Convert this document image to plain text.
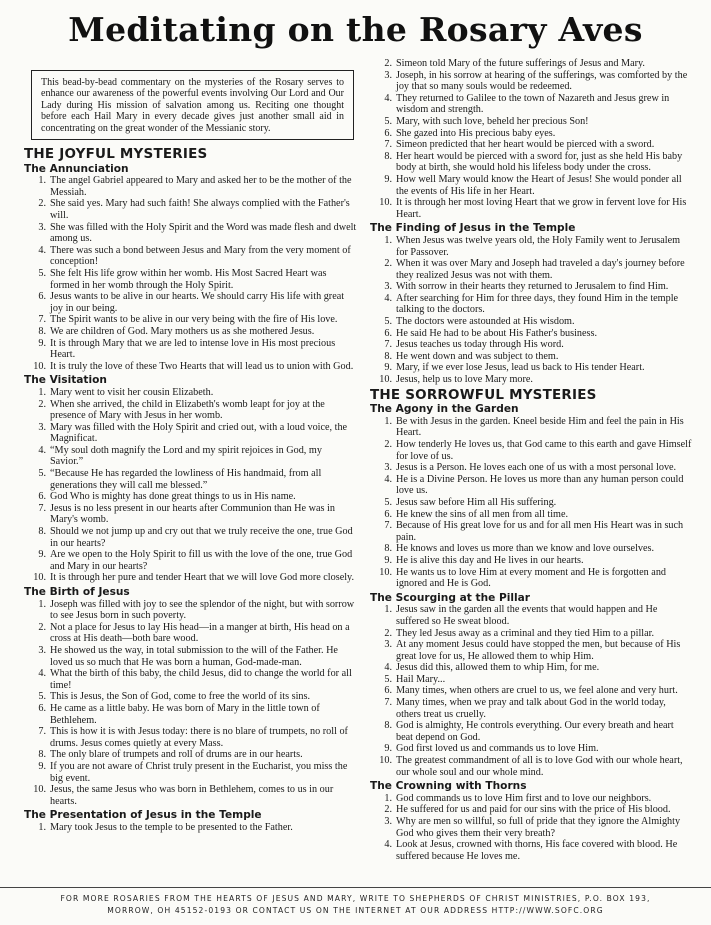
Meditating on the Rosary Aves
This bead-by-bead commentary on the mysteries of the Rosary serves to enhance our awareness of the powerful events involving Our Lord and Our Lady during His mission of salvation among us. Reciting one thought before each Hail Mary in every decade gives just another small aid in concentrating on the great wonder of the Messianic story.
THE JOYFUL MYSTERIES
The Annunciation
1. The angel Gabriel appeared to Mary and asked her to be the mother of the Messiah.
2. She said yes. Mary had such faith! She always complied with the Father's will.
3. She was filled with the Holy Spirit and the Word was made flesh and dwelt among us.
4. There was such a bond between Jesus and Mary from the very moment of conception!
5. She felt His life grow within her womb. His Most Sacred Heart was formed in her womb through the Holy Spirit.
6. Jesus wants to be alive in our hearts. We should carry His life with great joy in our being.
7. The Spirit wants to be alive in our very being with the fire of His love.
8. We are children of God. Mary mothers us as she mothered Jesus.
9. It is through Mary that we are led to intense love in His most precious Heart.
10. It is truly the love of these Two Hearts that will lead us to union with God.
The Visitation
1. Mary went to visit her cousin Elizabeth.
2. When she arrived, the child in Elizabeth's womb leapt for joy at the presence of Mary with Jesus in her womb.
3. Mary was filled with the Holy Spirit and cried out, with a loud voice, the Magnificat.
4. “My soul doth magnify the Lord and my spirit rejoices in God, my Savior.”
5. “Because He has regarded the lowliness of His handmaid, from all generations they will call me blessed.”
6. God Who is mighty has done great things to us in His name.
7. Jesus is no less present in our hearts after Communion than He was in Mary's womb.
8. Should we not jump up and cry out that we truly receive the one, true God in our hearts?
9. Are we open to the Holy Spirit to fill us with the love of the one, true God and Mary in our hearts?
10. It is through her pure and tender Heart that we will love God more closely.
The Birth of Jesus
1. Joseph was filled with joy to see the splendor of the night, but with sorrow to see Jesus born in such poverty.
2. Not a place for Jesus to lay His head—in a manger at birth, His head on a cross at His death—both bare wood.
3. He showed us the way, in total submission to the will of the Father. He loved us so much that He was born a human, God-made-man.
4. What the birth of this baby, the child Jesus, did to change the world for all time!
5. This is Jesus, the Son of God, come to free the world of its sins.
6. He came as a little baby. He was born of Mary in the little town of Bethlehem.
7. This is how it is with Jesus today: there is no blare of trumpets, no roll of drums. Jesus comes quietly at every Mass.
8. The only blare of trumpets and roll of drums are in our hearts.
9. If you are not aware of Christ truly present in the Eucharist, you miss the big event.
10. Jesus, the same Jesus who was born in Bethlehem, comes to us in our hearts.
The Presentation of Jesus in the Temple
1. Mary took Jesus to the temple to be presented to the Father.
2. Simeon told Mary of the future sufferings of Jesus and Mary.
3. Joseph, in his sorrow at hearing of the sufferings, was comforted by the joy that so many souls would be redeemed.
4. They returned to Galilee to the town of Nazareth and Jesus grew in wisdom and strength.
5. Mary, with such love, beheld her precious Son!
6. She gazed into His precious baby eyes.
7. Simeon predicted that her heart would be pierced with a sword.
8. Her heart would be pierced with a sword for, just as she held His baby body at birth, she would hold his lifeless body under the cross.
9. How well Mary would know the Heart of Jesus! She would ponder all the events of His life in her Heart.
10. It is through her most loving Heart that we grow in fervent love for His Heart.
The Finding of Jesus in the Temple
1. When Jesus was twelve years old, the Holy Family went to Jerusalem for Passover.
2. When it was over Mary and Joseph had traveled a day's journey before they realized Jesus was not with them.
3. With sorrow in their hearts they returned to Jerusalem to find Him.
4. After searching for Him for three days, they found Him in the temple talking to the doctors.
5. The doctors were astounded at His wisdom.
6. He said He had to be about His Father's business.
7. Jesus teaches us today through His word.
8. He went down and was subject to them.
9. Mary, if we ever lose Jesus, lead us back to His tender Heart.
10. Jesus, help us to love Mary more.
THE SORROWFUL MYSTERIES
The Agony in the Garden
1. Be with Jesus in the garden. Kneel beside Him and feel the pain in His Heart.
2. How tenderly He loves us, that God came to this earth and gave Himself for love of us.
3. Jesus is a Person. He loves each one of us with a most personal love.
4. He is a Divine Person. He loves us more than any human person could love us.
5. Jesus saw before Him all His suffering.
6. He knew the sins of all men from all time.
7. Because of His great love for us and for all men His Heart was in such pain.
8. He knows and loves us more than we know and love ourselves.
9. He is alive this day and He lives in our hearts.
10. He wants us to love Him at every moment and He is forgotten and ignored and He is God.
The Scourging at the Pillar
1. Jesus saw in the garden all the events that would happen and He suffered so He sweat blood.
2. They led Jesus away as a criminal and they tied Him to a pillar.
3. At any moment Jesus could have stopped the men, but because of His great love for us, He allowed them to whip Him.
4. Jesus did this, allowed them to whip Him, for me.
5. Hail Mary...
6. Many times, when others are cruel to us, we feel alone and very hurt.
7. Many times, when we pray and talk about God in the world today, others treat us cruelly.
8. God is almighty, He controls everything. Our every breath and heart beat depend on God.
9. God first loved us and commands us to love Him.
10. The greatest commandment of all is to love God with our whole heart, our whole soul and our whole mind.
The Crowning with Thorns
1. God commands us to love Him first and to love our neighbors.
2. He suffered for us and paid for our sins with the price of His blood.
3. Why are men so willful, so full of pride that they ignore the Almighty God who gives them their very breath?
4. Look at Jesus, crowned with thorns, His face covered with blood. He suffered because He loves me.
FOR MORE ROSARIES FROM THE HEARTS OF JESUS AND MARY, WRITE TO SHEPHERDS OF CHRIST MINISTRIES, P.O. BOX 193,
MORROW, OH 45152-0193 OR CONTACT US ON THE INTERNET AT OUR ADDRESS HTTP://WWW.SOFC.ORG
